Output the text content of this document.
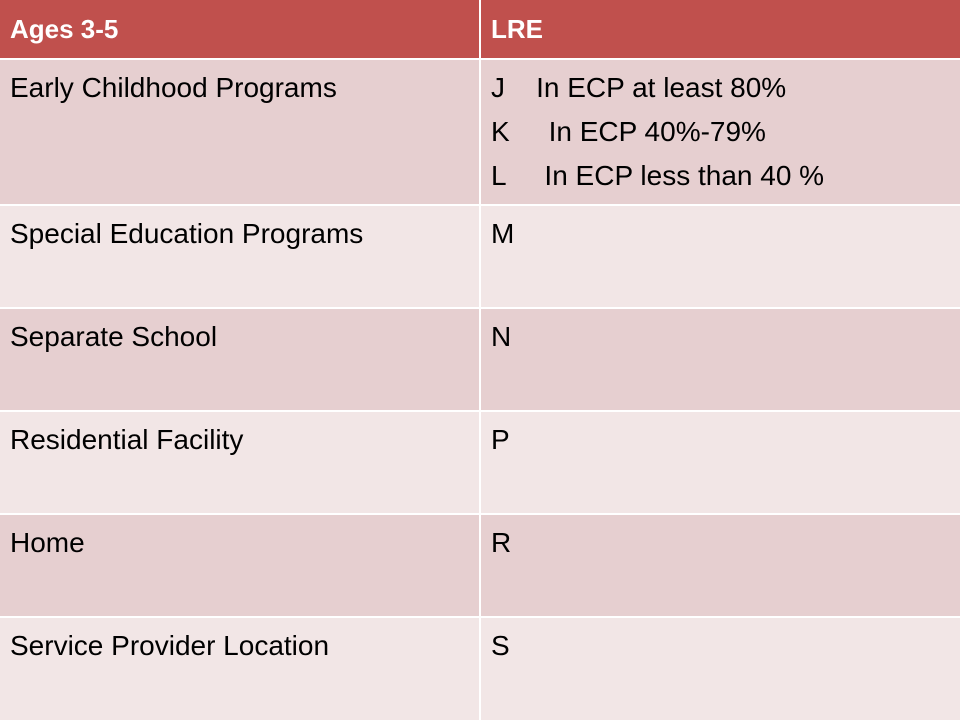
Ages 3-5	LRE

Early Childhood Programs	J    In ECP at least 80%
K     In ECP 40%-79%
L     In ECP less than 40 %

Special Education Programs	M

Separate School	N

Residential Facility	P

Home	R

Service Provider Location	S
